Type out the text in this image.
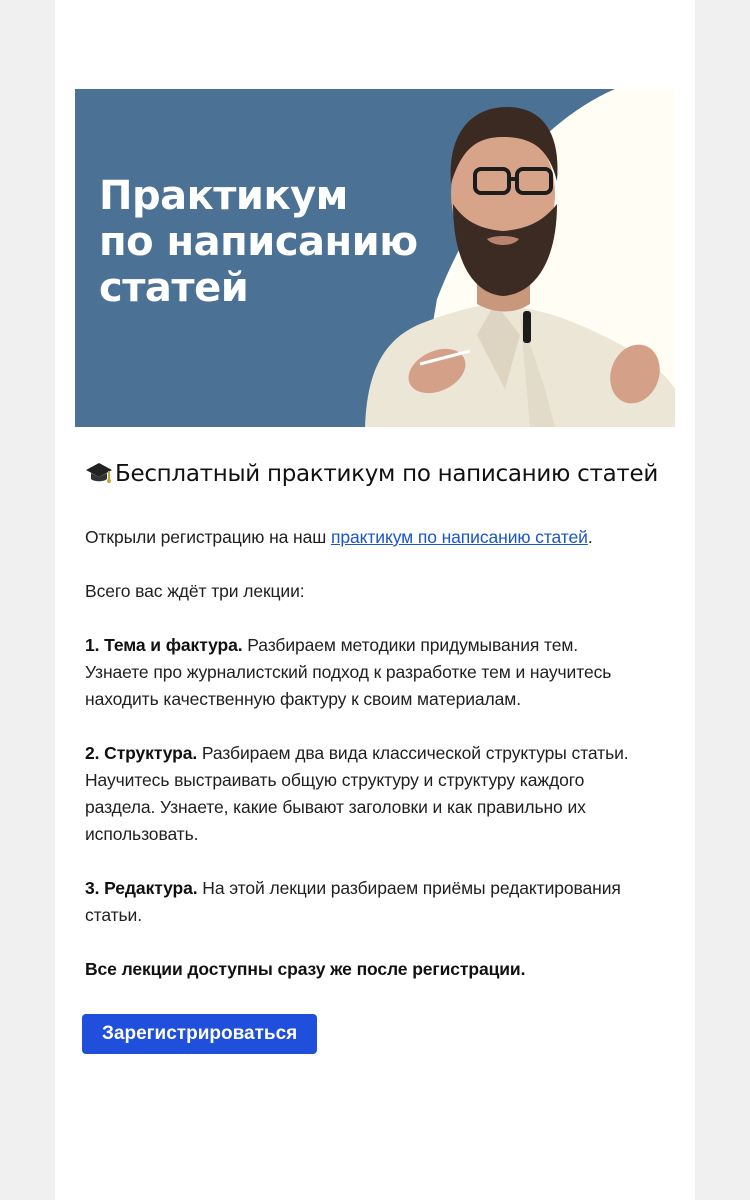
Практикум
по написанию
статей
Бесплатный практикум по написанию статей
Открыли регистрацию на наш практикум по написанию статей.
Всего вас ждёт три лекции:
1. Тема и фактура. Разбираем методики придумывания тем.
Узнаете про журналистский подход к разработке тем и научитесь
находить качественную фактуру к своим материалам.
2. Структура. Разбираем два вида классической структуры статьи.
Научитесь выстраивать общую структуру и структуру каждого
раздела. Узнаете, какие бывают заголовки и как правильно их
использовать.
3. Редактура. На этой лекции разбираем приёмы редактирования
статьи.
Все лекции доступны сразу же после регистрации.
Зарегистрироваться
